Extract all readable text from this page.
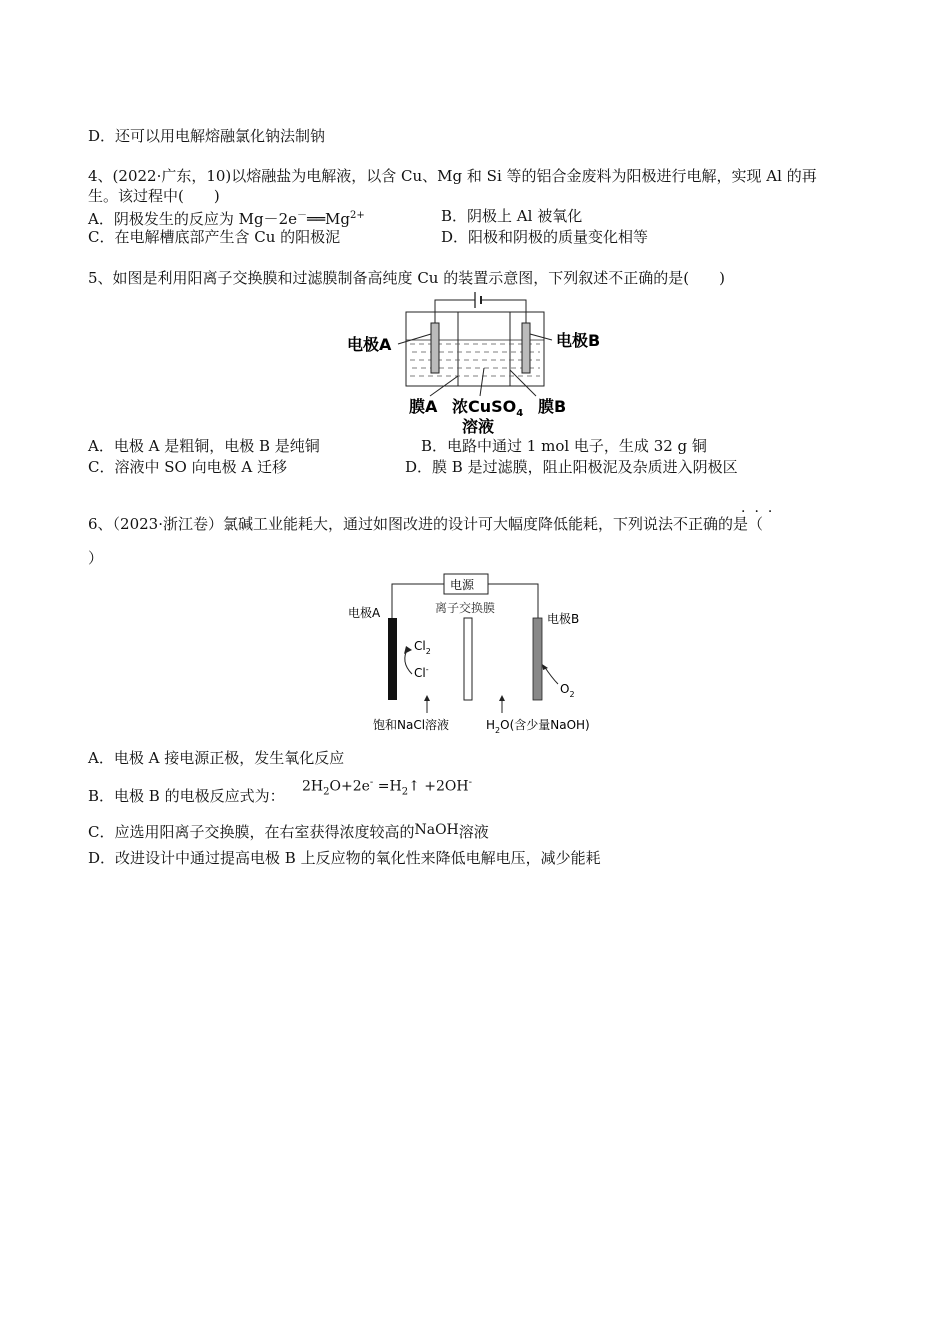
D．还可以用电解熔融氯化钠法制钠
4、(2022·广东，10)以熔融盐为电解液，以含 Cu、Mg 和 Si 等的铝合金废料为阳极进行电解，实现 Al 的再
生。该过程中(　　)
A．阴极发生的反应为 $Mg-2e^-══Mg^{2+}$	B．阴极上 Al 被氧化
C．在电解槽底部产生含 Cu 的阳极泥	D．阳极和阴极的质量变化相等
5、如图是利用阳离子交换膜和过滤膜制备高纯度 Cu 的装置示意图，下列叙述不正确的是(　　)
电极A	电极B
膜A 浓CuSO$_4$
溶液
膜B
A．电极 A 是粗铜，电极 B 是纯铜	B．电路中通过 1 mol 电子，生成 32 g 铜
C．溶液中 SO 向电极 A 迁移	D．膜 B 是过滤膜，阻止阳极泥及杂质进入阴极区
···
6、（2023·浙江卷）氯碱工业能耗大，通过如图改进的设计可大幅度降低能耗，下列说法不正确的是（
）
电源
离子交换膜
电极A	电极B
$Cl_2$
Cl-
$O_2$
饱和NaCl溶液	$H_2O$(含少量NaOH)
A．电极 A 接电源正极，发生氧化反应
B．电极 B 的电极反应式为：
$2H_2O+2e^-$ $=H_2↑ +2OH^-$
C．应选用阳离子交换膜，在右室获得浓度较高的NaOH溶液
D．改进设计中通过提高电极 B 上反应物的氧化性来降低电解电压，减少能耗
